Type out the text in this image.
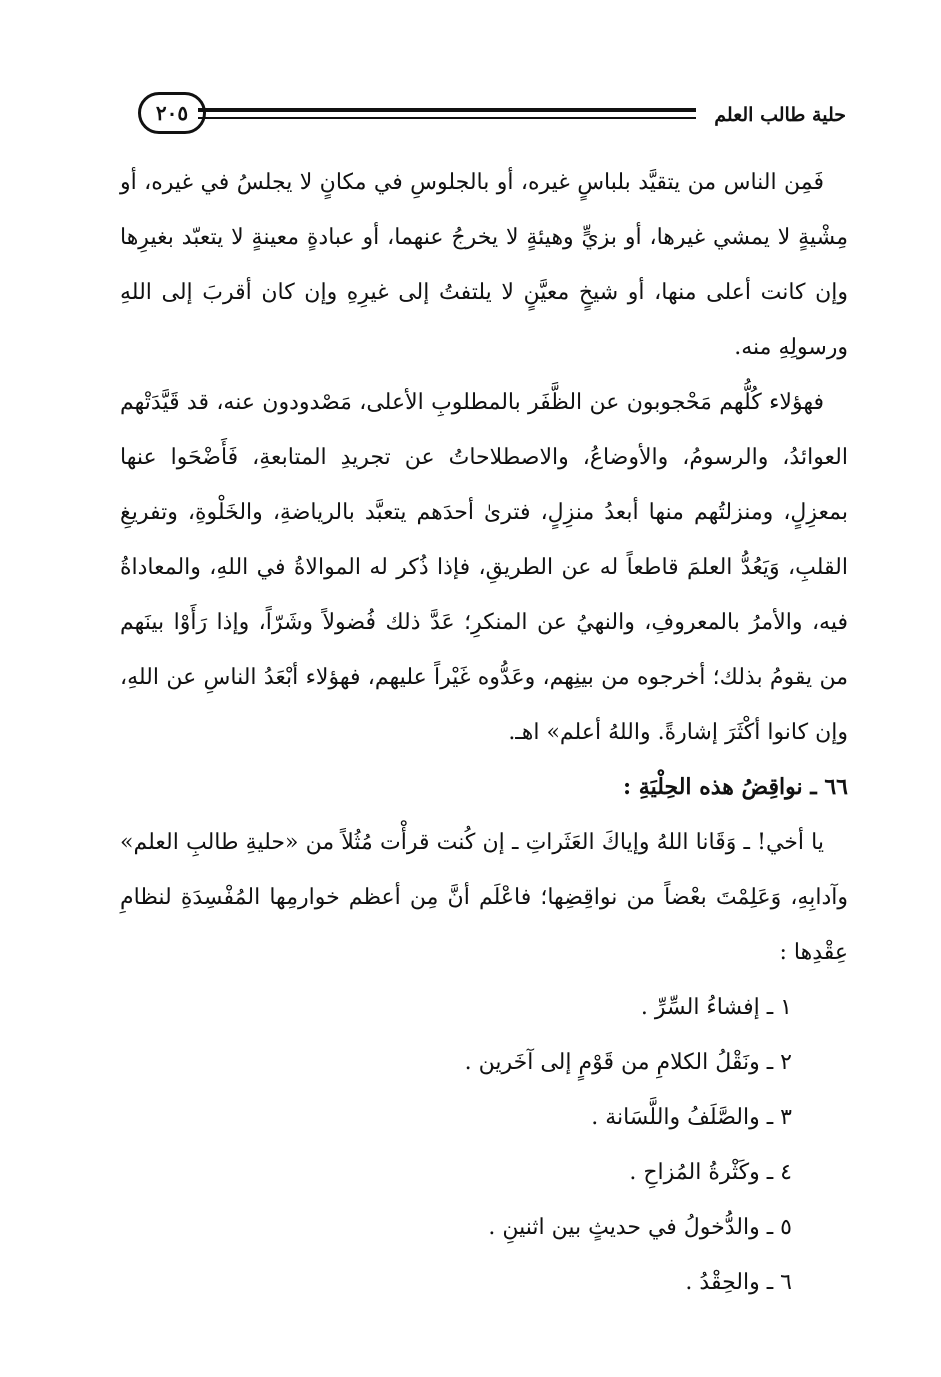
٢٠٥	حلية طالب العلم

فَمِن الناس من يتقيَّد بلباسٍ غيره، أو بالجلوسِ في مكانٍ لا يجلسُ في غيره، أو مِشْيةٍ لا يمشي غيرها، أو بزيٍّ وهيئةٍ لا يخرجُ عنهما، أو عبادةٍ معينةٍ لا يتعبّد بغيرِها وإن كانت أعلى منها، أو شيخٍ معيَّنٍ لا يلتفتُ إلى غيرِهِ وإن كان أقربَ إلى اللهِ ورسولِهِ منه.

فهؤلاء كُلُّهم مَحْجوبون عن الظَّفَر بالمطلوبِ الأعلى، مَصْدودون عنه، قد قَيَّدَتْهم العوائدُ، والرسومُ، والأوضاعُ، والاصطلاحاتُ عن تجريدِ المتابعةِ، فَأَضْحَوا عنها بمعزِلٍ، ومنزلتُهم منها أبعدُ منزِلٍ، فترىٰ أحدَهم يتعبَّد بالرياضةِ، والخَلْوةِ، وتفريغِ القلبِ، وَيَعُدُّ العلمَ قاطعاً له عن الطريقِ، فإذا ذُكر له الموالاةُ في اللهِ، والمعاداةُ فيه، والأمرُ بالمعروفِ، والنهيُ عن المنكرِ؛ عَدَّ ذلك فُضولاً وشَرّاً، وإذا رَأَوْا بينَهم من يقومُ بذلك؛ أخرجوه من بينِهم، وعَدُّوه غَيْراً عليهم، فهؤلاء أبْعَدُ الناسِ عن اللهِ، وإن كانوا أكْثَرَ إشارةً. واللهُ أعلم» اهـ.

٦٦ ـ نواقِضُ هذه الحِلْيَةِ :

يا أخي! ـ وَقَانا اللهُ وإياكَ العَثَراتِ ـ إن كُنت قرأْت مُثُلاً من «حليةِ طالبِ العلم» وآدابِهِ، وَعَلِمْتَ بعْضاً من نواقِضِها؛ فاعْلَم أنَّ مِن أعظم خوارمِها المُفْسِدَةِ لنظامِ عِقْدِها :

١ ـ إفشاءُ السِّرِّ .
٢ ـ ونَقْلُ الكلامِ من قَوْمٍ إلى آخَرين .
٣ ـ والصَّلَفُ واللَّسَانة .
٤ ـ وكَثْرةُ المُزاحِ .
٥ ـ والدُّخولُ في حديثٍ بين اثنينِ .
٦ ـ والحِقْدُ .
